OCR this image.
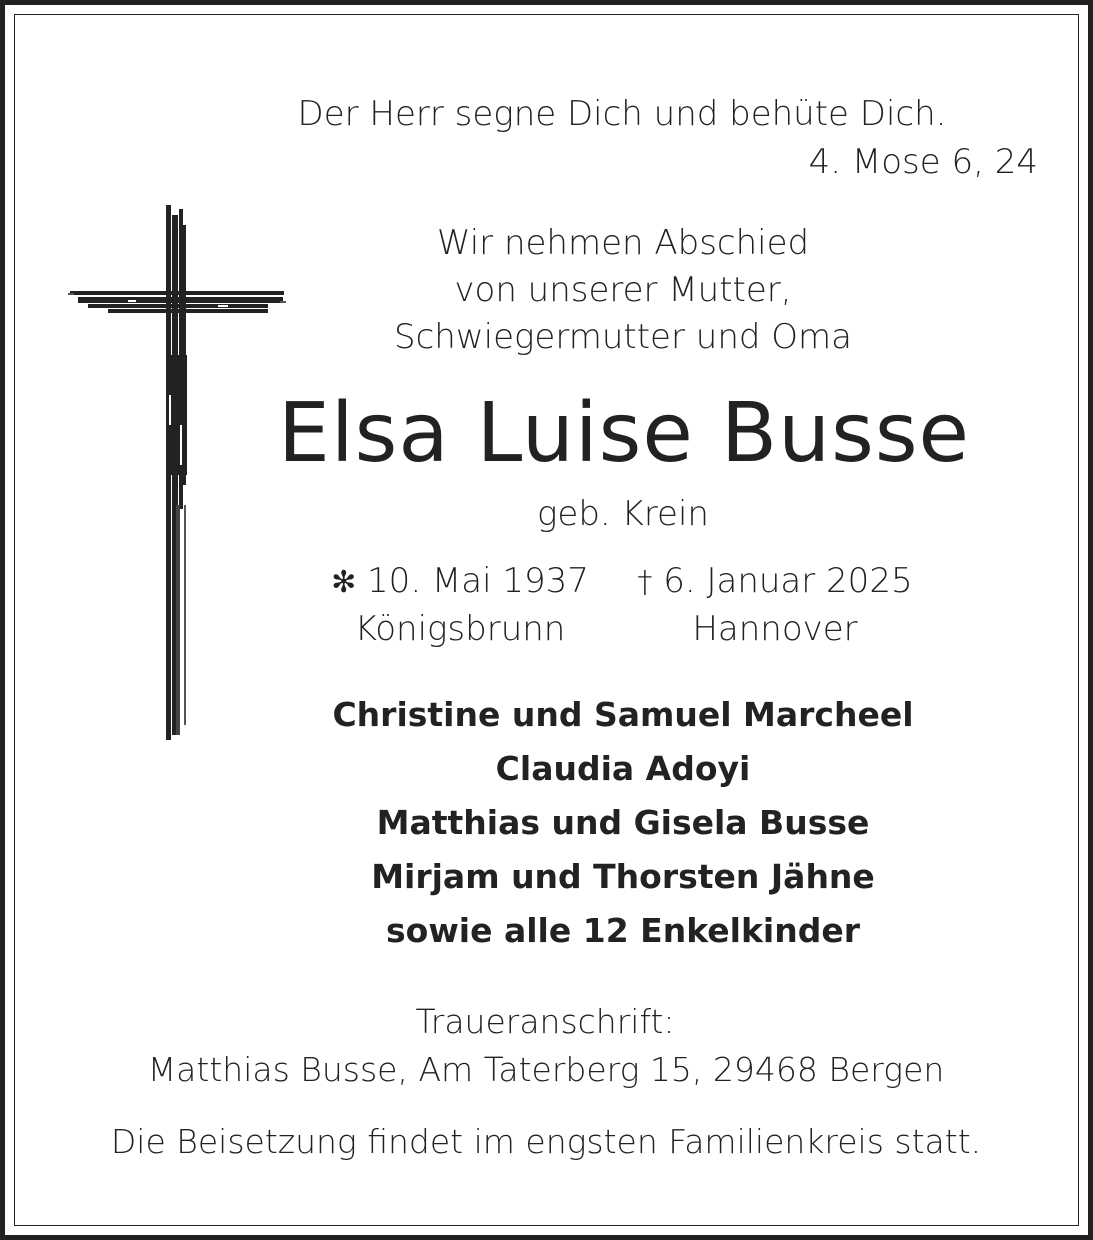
Der Herr segne Dich und behüte Dich.
4. Mose 6, 24
Wir nehmen Abschied
von unserer Mutter,
Schwiegermutter und Oma
Elsa Luise Busse
geb. Krein
✻ 10. Mai 1937
Königsbrunn
† 6. Januar 2025
Hannover
Christine und Samuel Marcheel
Claudia Adoyi
Matthias und Gisela Busse
Mirjam und Thorsten Jähne
sowie alle 12 Enkelkinder
Traueranschrift:
Matthias Busse, Am Taterberg 15, 29468 Bergen
Die Beisetzung findet im engsten Familienkreis statt.
